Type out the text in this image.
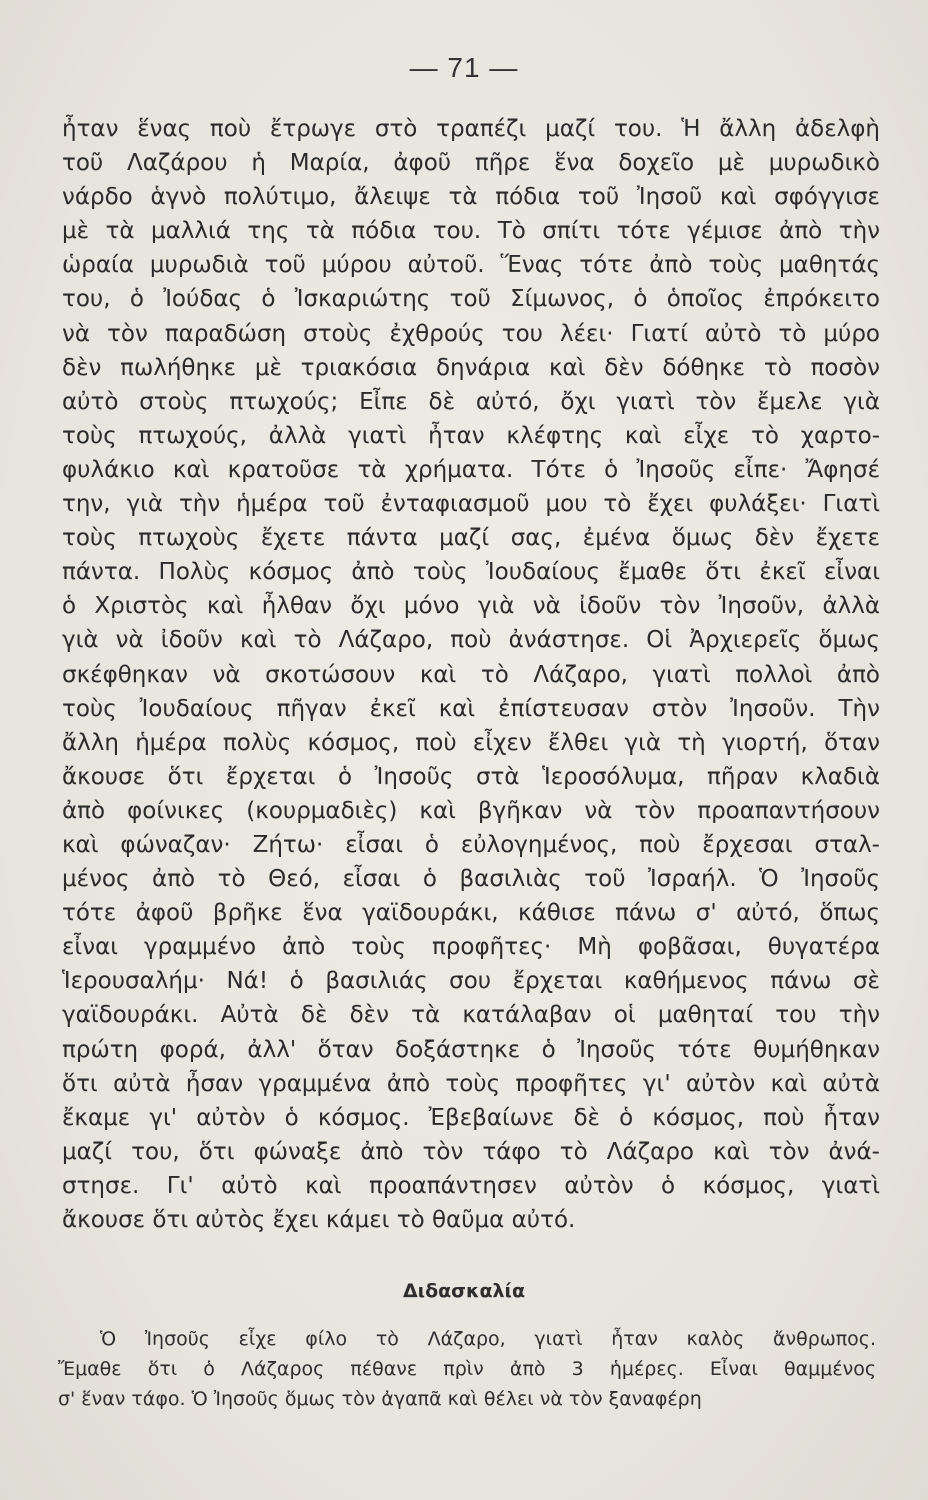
— 71 —
ἦταν ἕνας ποὺ ἔτρωγε στὸ τραπέζι μαζί του. Ἡ ἄλλη ἀδελφὴ
τοῦ Λαζάρου ἡ Μαρία, ἀφοῦ πῆρε ἕνα δοχεῖο μὲ μυρωδικὸ
νάρδο ἁγνὸ πολύτιμο, ἄλειψε τὰ πόδια τοῦ Ἰησοῦ καὶ σφόγγισε
μὲ τὰ μαλλιά της τὰ πόδια του. Τὸ σπίτι τότε γέμισε ἀπὸ τὴν
ὡραία μυρωδιὰ τοῦ μύρου αὐτοῦ. Ἕνας τότε ἀπὸ τοὺς μαθητάς
του, ὁ Ἰούδας ὁ Ἰσκαριώτης τοῦ Σίμωνος, ὁ ὁποῖος ἐπρόκειτο
νὰ τὸν παραδώση στοὺς ἐχθρούς του λέει· Γιατί αὐτὸ τὸ μύρο
δὲν πωλήθηκε μὲ τριακόσια δηνάρια καὶ δὲν δόθηκε τὸ ποσὸν
αὐτὸ στοὺς πτωχούς; Εἶπε δὲ αὐτό, ὄχι γιατὶ τὸν ἔμελε γιὰ
τοὺς πτωχούς, ἀλλὰ γιατὶ ἦταν κλέφτης καὶ εἶχε τὸ χαρτο-
φυλάκιο καὶ κρατοῦσε τὰ χρήματα. Τότε ὁ Ἰησοῦς εἶπε· Ἄφησέ
την, γιὰ τὴν ἡμέρα τοῦ ἐνταφιασμοῦ μου τὸ ἔχει φυλάξει· Γιατὶ
τοὺς πτωχοὺς ἔχετε πάντα μαζί σας, ἐμένα ὅμως δὲν ἔχετε
πάντα. Πολὺς κόσμος ἀπὸ τοὺς Ἰουδαίους ἔμαθε ὅτι ἐκεῖ εἶναι
ὁ Χριστὸς καὶ ἦλθαν ὄχι μόνο γιὰ νὰ ἰδοῦν τὸν Ἰησοῦν, ἀλλὰ
γιὰ νὰ ἰδοῦν καὶ τὸ Λάζαρο, ποὺ ἀνάστησε. Οἱ Ἀρχιερεῖς ὅμως
σκέφθηκαν νὰ σκοτώσουν καὶ τὸ Λάζαρο, γιατὶ πολλοὶ ἀπὸ
τοὺς Ἰουδαίους πῆγαν ἐκεῖ καὶ ἐπίστευσαν στὸν Ἰησοῦν. Τὴν
ἄλλη ἡμέρα πολὺς κόσμος, ποὺ εἶχεν ἔλθει γιὰ τὴ γιορτή, ὅταν
ἄκουσε ὅτι ἔρχεται ὁ Ἰησοῦς στὰ Ἱεροσόλυμα, πῆραν κλαδιὰ
ἀπὸ φοίνικες (κουρμαδιὲς) καὶ βγῆκαν νὰ τὸν προαπαντήσουν
καὶ φώναζαν· Ζήτω· εἶσαι ὁ εὐλογημένος, ποὺ ἔρχεσαι σταλ-
μένος ἀπὸ τὸ Θεό, εἶσαι ὁ βασιλιὰς τοῦ Ἰσραήλ. Ὁ Ἰησοῦς
τότε ἀφοῦ βρῆκε ἕνα γαϊδουράκι, κάθισε πάνω σ' αὐτό, ὅπως
εἶναι γραμμένο ἀπὸ τοὺς προφῆτες· Μὴ φοβᾶσαι, θυγατέρα
Ἱερουσαλήμ· Νά! ὁ βασιλιάς σου ἔρχεται καθήμενος πάνω σὲ
γαϊδουράκι. Αὐτὰ δὲ δὲν τὰ κατάλαβαν οἱ μαθηταί του τὴν
πρώτη φορά, ἀλλ' ὅταν δοξάστηκε ὁ Ἰησοῦς τότε θυμήθηκαν
ὅτι αὐτὰ ἦσαν γραμμένα ἀπὸ τοὺς προφῆτες γι' αὐτὸν καὶ αὐτὰ
ἔκαμε γι' αὐτὸν ὁ κόσμος. Ἐβεβαίωνε δὲ ὁ κόσμος, ποὺ ἦταν
μαζί του, ὅτι φώναξε ἀπὸ τὸν τάφο τὸ Λάζαρο καὶ τὸν ἀνά-
στησε. Γι' αὐτὸ καὶ προαπάντησεν αὐτὸν ὁ κόσμος, γιατὶ
ἄκουσε ὅτι αὐτὸς ἔχει κάμει τὸ θαῦμα αὐτό.
Διδασκαλία
Ὁ Ἰησοῦς εἶχε φίλο τὸ Λάζαρο, γιατὶ ἦταν καλὸς ἄνθρωπος.
Ἔμαθε ὅτι ὁ Λάζαρος πέθανε πρὶν ἀπὸ 3 ἡμέρες. Εἶναι θαμμένος
σ' ἕναν τάφο. Ὁ Ἰησοῦς ὅμως τὸν ἀγαπᾶ καὶ θέλει νὰ τὸν ξαναφέρη
